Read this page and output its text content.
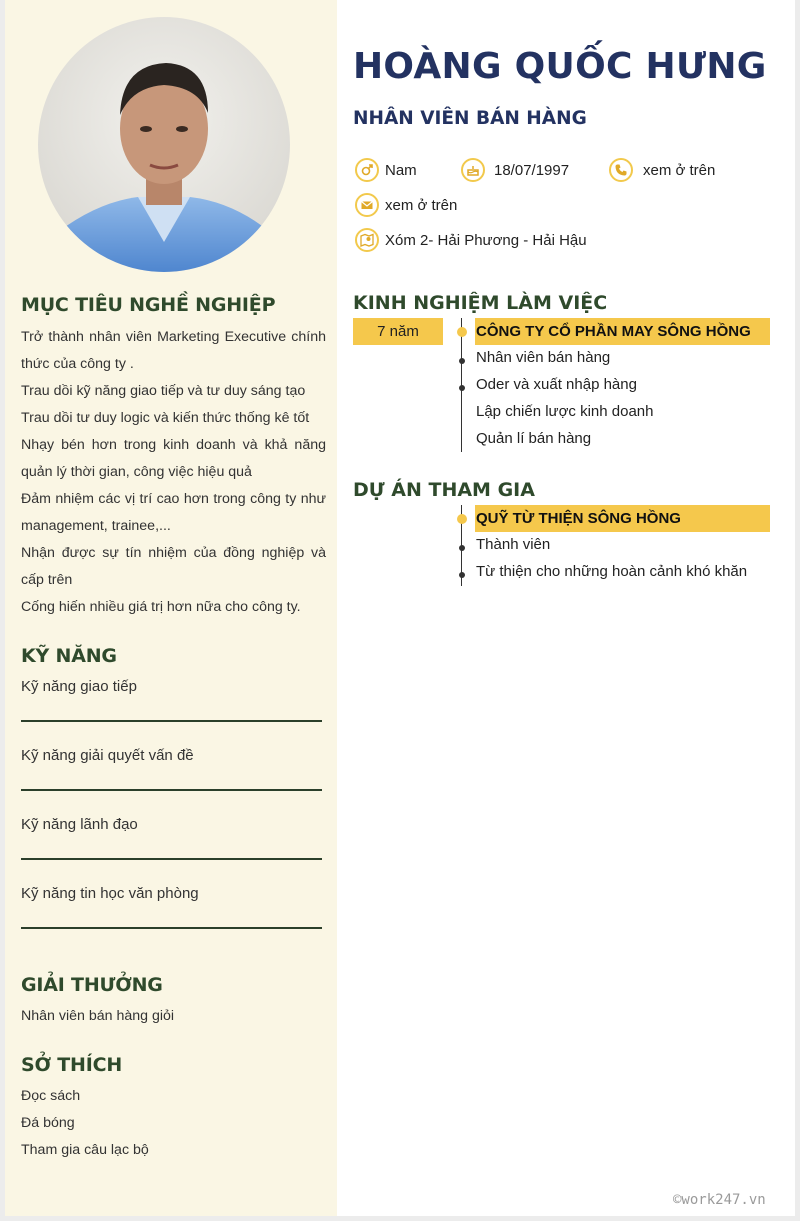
MỤC TIÊU NGHỀ NGHIỆP

Trở thành nhân viên Marketing Executive chính thức của công ty .

Trau dồi kỹ năng giao tiếp và tư duy sáng tạo

Trau dồi tư duy logic và kiến thức thống kê tốt

Nhạy bén hơn trong kinh doanh và khả năng quản lý thời gian, công việc hiệu quả

Đảm nhiệm các vị trí cao hơn trong công ty như management, trainee,...

Nhận được sự tín nhiệm của đồng nghiệp và cấp trên

Cống hiến nhiều giá trị hơn nữa cho công ty.

KỸ NĂNG
Kỹ năng giao tiếp
Kỹ năng giải quyết vấn đề
Kỹ năng lãnh đạo
Kỹ năng tin học văn phòng
GIẢI THƯỞNG
Nhân viên bán hàng giỏi
SỞ THÍCH
Đọc sách
Đá bóng
Tham gia câu lạc bộ
HOÀNG QUỐC HƯNG
NHÂN VIÊN BÁN HÀNG
Nam	18/07/1997	xem ở trên
xem ở trên
Xóm 2- Hải Phương - Hải Hậu
KINH NGHIỆM LÀM VIỆC
7 năm	CÔNG TY CỔ PHẦN MAY SÔNG HỒNG
Nhân viên bán hàng
Oder và xuất nhập hàng
Lập chiến lược kinh doanh
Quản lí bán hàng
DỰ ÁN THAM GIA
QUỸ TỪ THIỆN SÔNG HỒNG
Thành viên
Từ thiện cho những hoàn cảnh khó khăn
©work247.vn
